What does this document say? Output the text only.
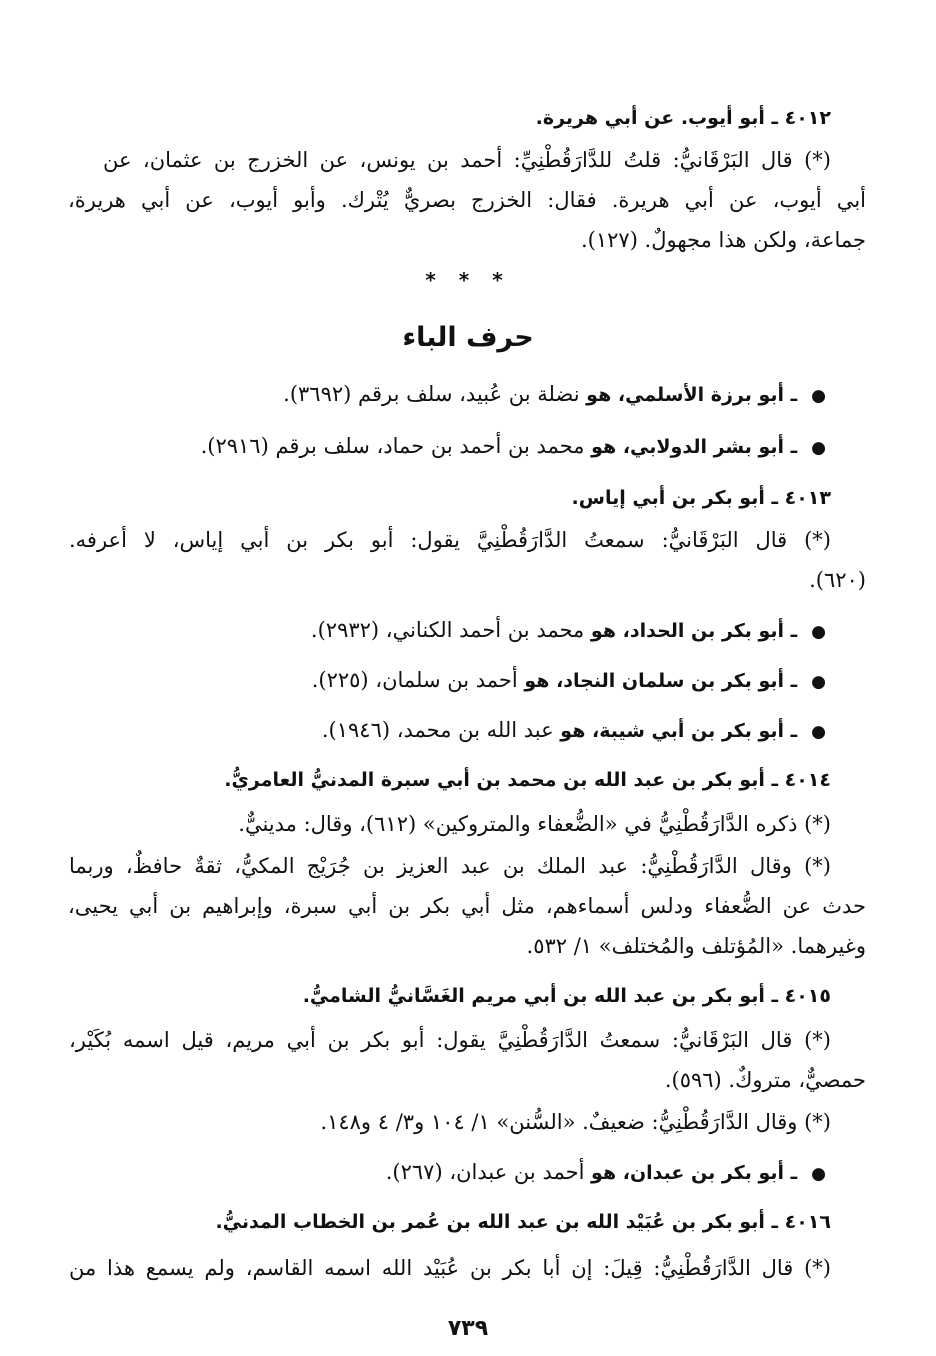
٤٠١٢ ـ أبو أيوب. عن أبي هريرة.
(*) قال البَرْقَانيُّ: قلتُ للدَّارَقُطْنِيِّ: أحمد بن يونس، عن الخزرج بن عثمان، عن
أبي أيوب، عن أبي هريرة. فقال: الخزرج بصريٌّ يُتْرك. وأبو أيوب، عن أبي هريرة،
جماعة، ولكن هذا مجهولٌ. (١٢٧).
* * *
حرف الباء
● ـ أبو برزة الأسلمي، هو نضلة بن عُبيد، سلف برقم (٣٦٩٢).
● ـ أبو بشر الدولابي، هو محمد بن أحمد بن حماد، سلف برقم (٢٩١٦).
٤٠١٣ ـ أبو بكر بن أبي إياس.
(*) قال البَرْقَانيُّ: سمعتُ الدَّارَقُطْنِيَّ يقول: أبو بكر بن أبي إياس، لا أعرفه.
(٦٢٠).
● ـ أبو بكر بن الحداد، هو محمد بن أحمد الكناني، (٢٩٣٢).
● ـ أبو بكر بن سلمان النجاد، هو أحمد بن سلمان، (٢٢٥).
● ـ أبو بكر بن أبي شيبة، هو عبد الله بن محمد، (١٩٤٦).
٤٠١٤ ـ أبو بكر بن عبد الله بن محمد بن أبي سبرة المدنيُّ العامريُّ.
(*) ذكره الدَّارَقُطْنِيُّ في «الضُّعفاء والمتروكين» (٦١٢)، وقال: مدينيٌّ.
(*) وقال الدَّارَقُطْنِيُّ: عبد الملك بن عبد العزيز بن جُرَيْج المكيُّ، ثقةٌ حافظٌ، وربما
حدث عن الضُّعفاء ودلس أسماءهم، مثل أبي بكر بن أبي سبرة، وإبراهيم بن أبي يحيى،
وغيرهما. «المُؤتلف والمُختلف» ١/ ٥٣٢.
٤٠١٥ ـ أبو بكر بن عبد الله بن أبي مريم الغَسَّانيُّ الشاميُّ.
(*) قال البَرْقَانيُّ: سمعتُ الدَّارَقُطْنِيَّ يقول: أبو بكر بن أبي مريم، قيل اسمه بُكَيْر،
حمصيٌّ، متروكٌ. (٥٩٦).
(*) وقال الدَّارَقُطْنِيُّ: ضعيفٌ. «السُّنن» ١/ ١٠٤ و٣/ ٤ و١٤٨.
● ـ أبو بكر بن عبدان، هو أحمد بن عبدان، (٢٦٧).
٤٠١٦ ـ أبو بكر بن عُبَيْد الله بن عبد الله بن عُمر بن الخطاب المدنيُّ.
(*) قال الدَّارَقُطْنِيُّ: قِيلَ: إن أبا بكر بن عُبَيْد الله اسمه القاسم، ولم يسمع هذا من
٧٣٩
